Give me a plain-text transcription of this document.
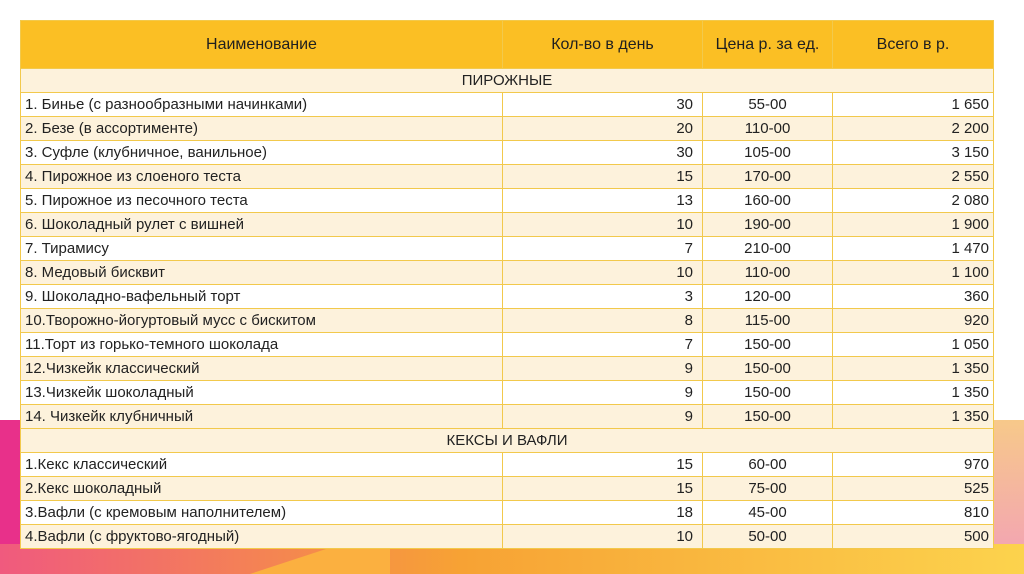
Наименование	Кол-во в день	Цена р. за ед.	Всего в р.
ПИРОЖНЫЕ			
1. Бинье (с разнообразными начинками)	30	55-00	1 650
2. Безе (в ассортименте)	20	110-00	2 200
3. Суфле (клубничное, ванильное)	30	105-00	3 150
4. Пирожное из слоеного теста	15	170-00	2 550
5. Пирожное из песочного теста	13	160-00	2 080
6. Шоколадный рулет с вишней	10	190-00	1 900
7. Тирамису	7	210-00	1 470
8. Медовый бисквит	10	110-00	1 100
9. Шоколадно-вафельный торт	3	120-00	360
10.Творожно-йогуртовый мусс с бискитом	8	115-00	920
11.Торт из горько-темного шоколада	7	150-00	1 050
12.Чизкейк классический	9	150-00	1 350
13.Чизкейк шоколадный	9	150-00	1 350
14. Чизкейк клубничный	9	150-00	1 350
КЕКСЫ И ВАФЛИ			
1.Кекс классический	15	60-00	970
2.Кекс шоколадный	15	75-00	525
3.Вафли (с кремовым наполнителем)	18	45-00	810
4.Вафли (с фруктово-ягодный)	10	50-00	500
